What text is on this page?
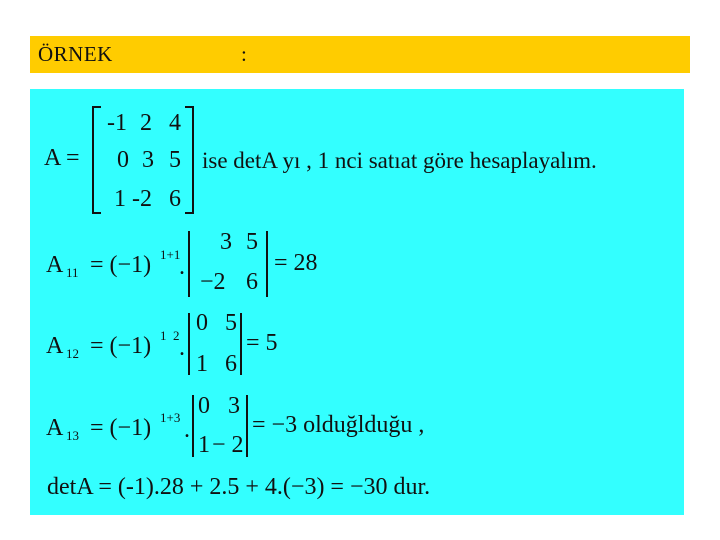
ÖRNEK	:
A =
-1 2 4
0 3 5
1 -2 6
ise detA yı , 1 nci satıat göre hesaplayalım.
A 11 = (−1) 1+1
.
3 5
−2 6
= 28
A 12 = (−1) 1  2 .
0 5
1 6
= 5
A 13 = (−1) 1+3 .
0 3
1 − 2
= −3 olduğlduğu ,
detA = (-1).28 + 2.5 + 4.(−3) = −30 dur.
